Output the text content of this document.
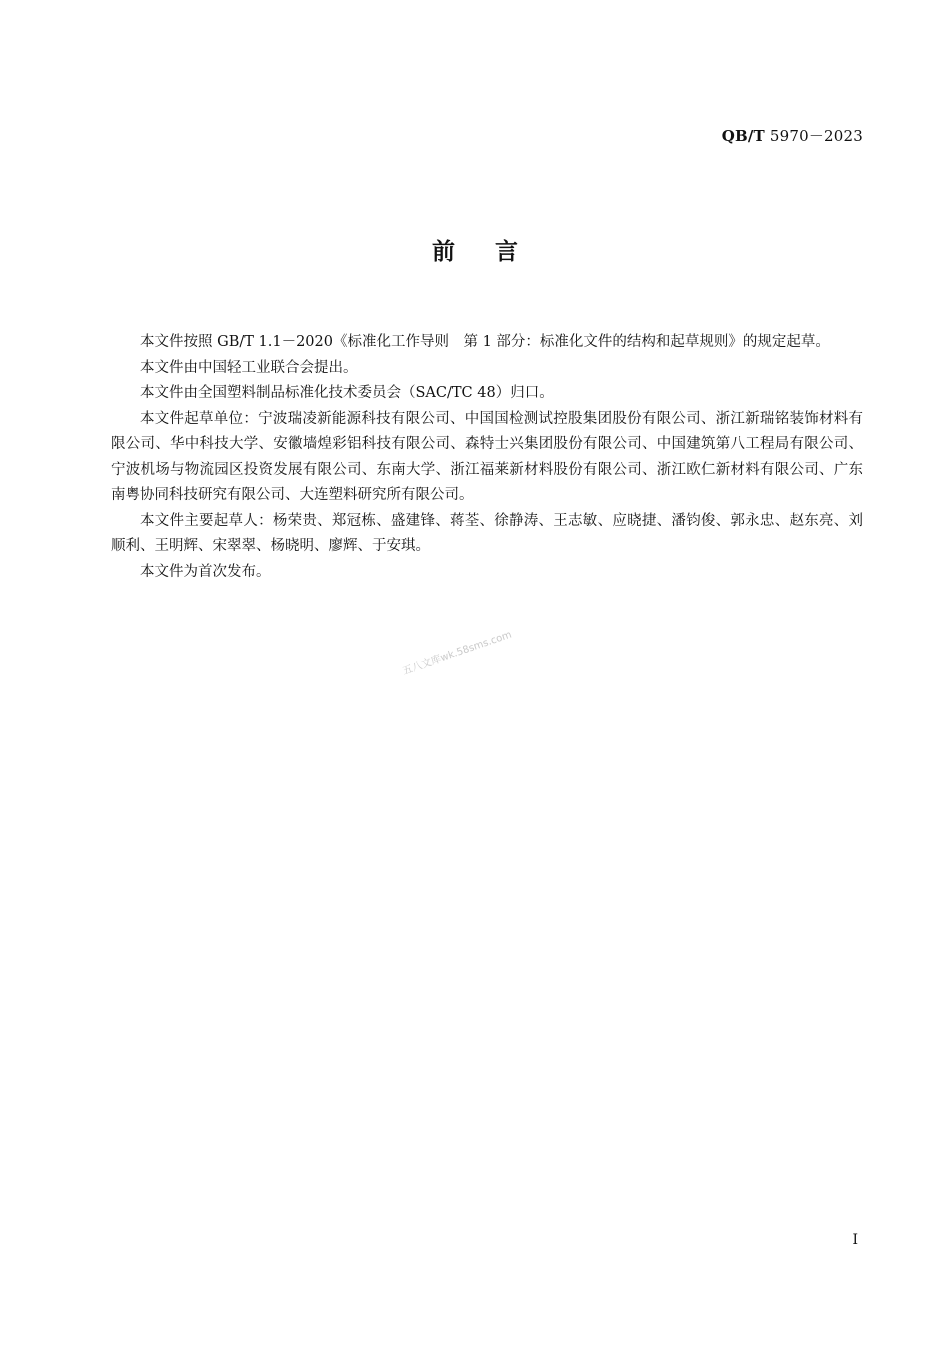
QB/T 5970－2023
前言

本文件按照 GB/T 1.1－2020《标准化工作导则　第 1 部分：标准化文件的结构和起草规则》的规定起草。

本文件由中国轻工业联合会提出。

本文件由全国塑料制品标准化技术委员会（SAC/TC 48）归口。

本文件起草单位：宁波瑞凌新能源科技有限公司、中国国检测试控股集团股份有限公司、浙江新瑞铭装饰材料有限公司、华中科技大学、安徽墙煌彩铝科技有限公司、森特士兴集团股份有限公司、中国建筑第八工程局有限公司、宁波机场与物流园区投资发展有限公司、东南大学、浙江福莱新材料股份有限公司、浙江欧仁新材料有限公司、广东南粤协同科技研究有限公司、大连塑料研究所有限公司。

本文件主要起草人：杨荣贵、郑冠栋、盛建锋、蒋荃、徐静涛、王志敏、应晓捷、潘钧俊、郭永忠、赵东亮、刘顺利、王明辉、宋翠翠、杨晓明、廖辉、于安琪。

本文件为首次发布。

五八文库wk.58sms.com
I
